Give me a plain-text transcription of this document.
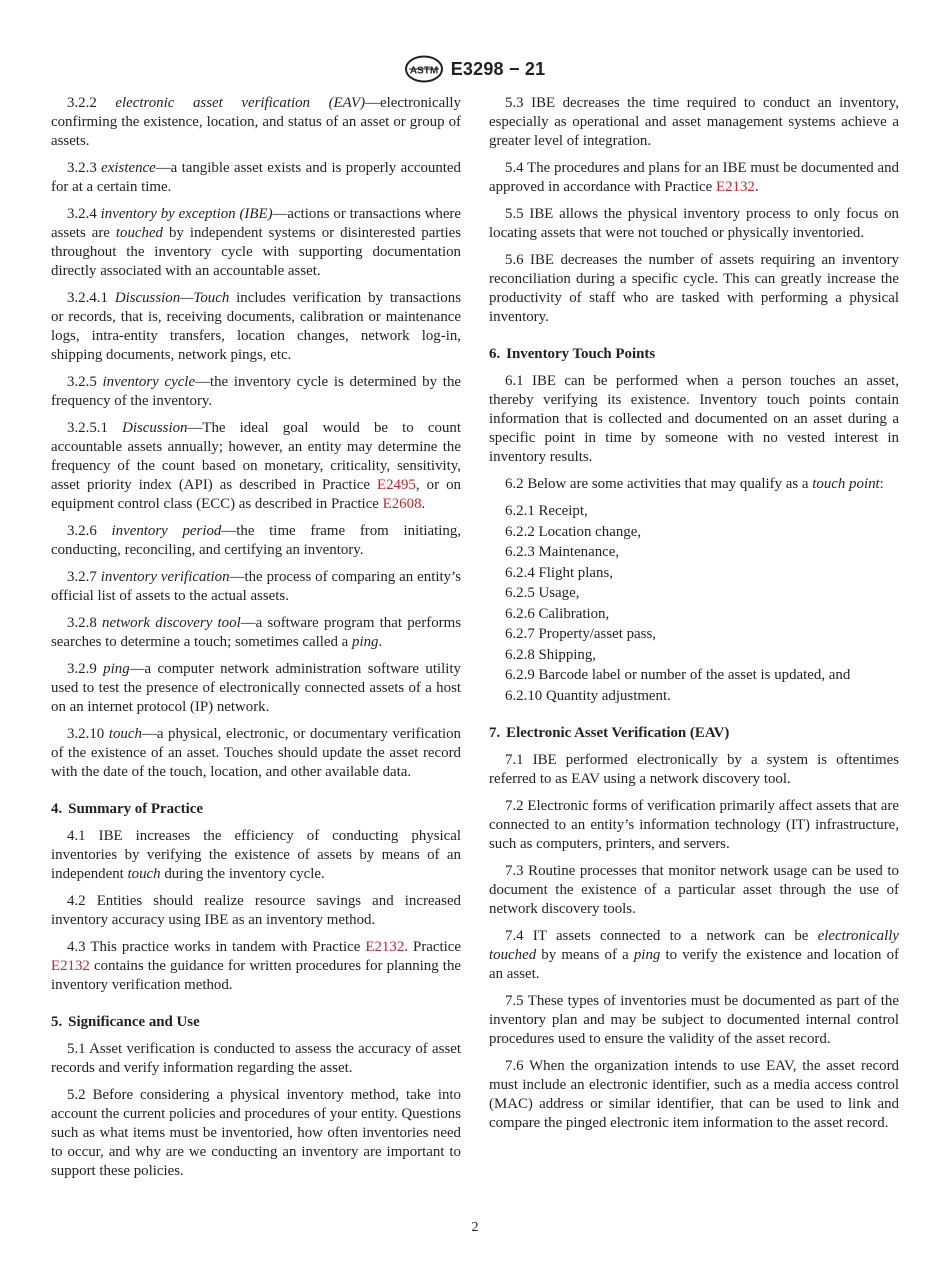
ASTM E3298 − 21

3.2.2 electronic asset verification (EAV)—electronically confirming the existence, location, and status of an asset or group of assets.

3.2.3 existence—a tangible asset exists and is properly accounted for at a certain time.

3.2.4 inventory by exception (IBE)—actions or transactions where assets are touched by independent systems or disinterested parties throughout the inventory cycle with supporting documentation directly associated with an accountable asset.

3.2.4.1 Discussion—Touch includes verification by transactions or records, that is, receiving documents, calibration or maintenance logs, intra-entity transfers, location changes, network log-in, shipping documents, network pings, etc.

3.2.5 inventory cycle—the inventory cycle is determined by the frequency of the inventory.

3.2.5.1 Discussion—The ideal goal would be to count accountable assets annually; however, an entity may determine the frequency of the count based on monetary, criticality, sensitivity, asset priority index (API) as described in Practice E2495, or on equipment control class (ECC) as described in Practice E2608.

3.2.6 inventory period—the time frame from initiating, conducting, reconciling, and certifying an inventory.

3.2.7 inventory verification—the process of comparing an entity’s official list of assets to the actual assets.

3.2.8 network discovery tool—a software program that performs searches to determine a touch; sometimes called a ping.

3.2.9 ping—a computer network administration software utility used to test the presence of electronically connected assets of a host on an internet protocol (IP) network.

3.2.10 touch—a physical, electronic, or documentary verification of the existence of an asset. Touches should update the asset record with the date of the touch, location, and other available data.

4. Summary of Practice

4.1 IBE increases the efficiency of conducting physical inventories by verifying the existence of assets by means of an independent touch during the inventory cycle.

4.2 Entities should realize resource savings and increased inventory accuracy using IBE as an inventory method.

4.3 This practice works in tandem with Practice E2132. Practice E2132 contains the guidance for written procedures for planning the inventory verification method.

5. Significance and Use

5.1 Asset verification is conducted to assess the accuracy of asset records and verify information regarding the asset.

5.2 Before considering a physical inventory method, take into account the current policies and procedures of your entity. Questions such as what items must be inventoried, how often inventories need to occur, and why are we conducting an inventory are important to support these policies.

5.3 IBE decreases the time required to conduct an inventory, especially as operational and asset management systems achieve a greater level of integration.

5.4 The procedures and plans for an IBE must be documented and approved in accordance with Practice E2132.

5.5 IBE allows the physical inventory process to only focus on locating assets that were not touched or physically inventoried.

5.6 IBE decreases the number of assets requiring an inventory reconciliation during a specific cycle. This can greatly increase the productivity of staff who are tasked with performing a physical inventory.

6. Inventory Touch Points

6.1 IBE can be performed when a person touches an asset, thereby verifying its existence. Inventory touch points contain information that is collected and documented on an asset during a specific point in time by someone with no vested interest in inventory results.

6.2 Below are some activities that may qualify as a touch point:

6.2.1 Receipt,

6.2.2 Location change,

6.2.3 Maintenance,

6.2.4 Flight plans,

6.2.5 Usage,

6.2.6 Calibration,

6.2.7 Property/asset pass,

6.2.8 Shipping,

6.2.9 Barcode label or number of the asset is updated, and

6.2.10 Quantity adjustment.

7. Electronic Asset Verification (EAV)

7.1 IBE performed electronically by a system is oftentimes referred to as EAV using a network discovery tool.

7.2 Electronic forms of verification primarily affect assets that are connected to an entity’s information technology (IT) infrastructure, such as computers, printers, and servers.

7.3 Routine processes that monitor network usage can be used to document the existence of a particular asset through the use of network discovery tools.

7.4 IT assets connected to a network can be electronically touched by means of a ping to verify the existence and location of an asset.

7.5 These types of inventories must be documented as part of the inventory plan and may be subject to documented internal control procedures used to ensure the validity of the asset record.

7.6 When the organization intends to use EAV, the asset record must include an electronic identifier, such as a media access control (MAC) address or similar identifier, that can be used to link and compare the pinged electronic item information to the asset record.

2
